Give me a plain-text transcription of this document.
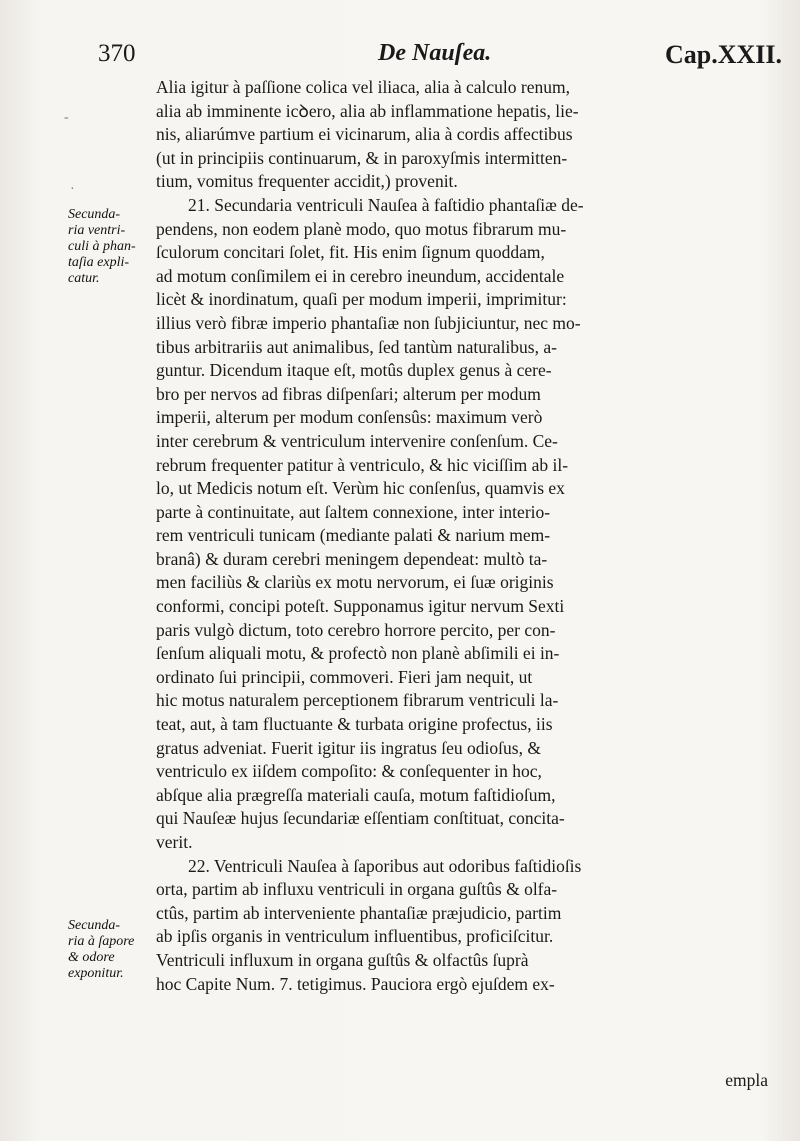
370	De Nauſea.	Cap.XXII.
Secunda-
ria ventri-
culi à phan-
taſia expli-
catur.
Secunda-
ria à ſapore
& odore
exponitur.
-
·
Alia igitur à paſſione colica vel iliaca, alia à calculo renum,
alia ab imminente icꝺero, alia ab inflammatione hepatis, lie-
nis, aliarúmve partium ei vicinarum, alia à cordis affectibus
(ut in principiis continuarum, & in paroxyſmis intermitten-
tium, vomitus frequenter accidit,) provenit.
21. Secundaria ventriculi Nauſea à faſtidio phantaſiæ de-
pendens, non eodem planè modo, quo motus fibrarum mu-
ſculorum concitari ſolet, fit. His enim ſignum quoddam,
ad motum conſimilem ei in cerebro ineundum, accidentale
licèt & inordinatum, quaſi per modum imperii, imprimitur:
illius verò fibræ imperio phantaſiæ non ſubjiciuntur, nec mo-
tibus arbitrariis aut animalibus, ſed tantùm naturalibus, a-
guntur. Dicendum itaque eſt, motûs duplex genus à cere-
bro per nervos ad fibras diſpenſari; alterum per modum
imperii, alterum per modum conſensûs: maximum verò
inter cerebrum & ventriculum intervenire conſenſum. Ce-
rebrum frequenter patitur à ventriculo, & hic viciſſim ab il-
lo, ut Medicis notum eſt. Verùm hic conſenſus, quamvis ex
parte à continuitate, aut ſaltem connexione, inter interio-
rem ventriculi tunicam (mediante palati & narium mem-
branâ) & duram cerebri meningem dependeat: multò ta-
men faciliùs & clariùs ex motu nervorum, ei ſuæ originis
conformi, concipi poteſt. Supponamus igitur nervum Sexti
paris vulgò dictum, toto cerebro horrore percito, per con-
ſenſum aliquali motu, & profectò non planè abſimili ei in-
ordinato ſui principii, commoveri. Fieri jam nequit, ut
hic motus naturalem perceptionem fibrarum ventriculi la-
teat, aut, à tam fluctuante & turbata origine profectus, iis
gratus adveniat. Fuerit igitur iis ingratus ſeu odioſus, &
ventriculo ex iiſdem compoſito: & conſequenter in hoc,
abſque alia prægreſſa materiali cauſa, motum faſtidioſum,
qui Nauſeæ hujus ſecundariæ eſſentiam conſtituat, concita-
verit.
22. Ventriculi Nauſea à ſaporibus aut odoribus faſtidioſis
orta, partim ab influxu ventriculi in organa guſtûs & olfa-
ctûs, partim ab interveniente phantaſiæ præjudicio, partim
ab ipſis organis in ventriculum influentibus, proficiſcitur.
Ventriculi influxum in organa guſtûs & olfactûs ſuprà
hoc Capite Num. 7. tetigimus. Pauciora ergò ejuſdem ex-
empla
